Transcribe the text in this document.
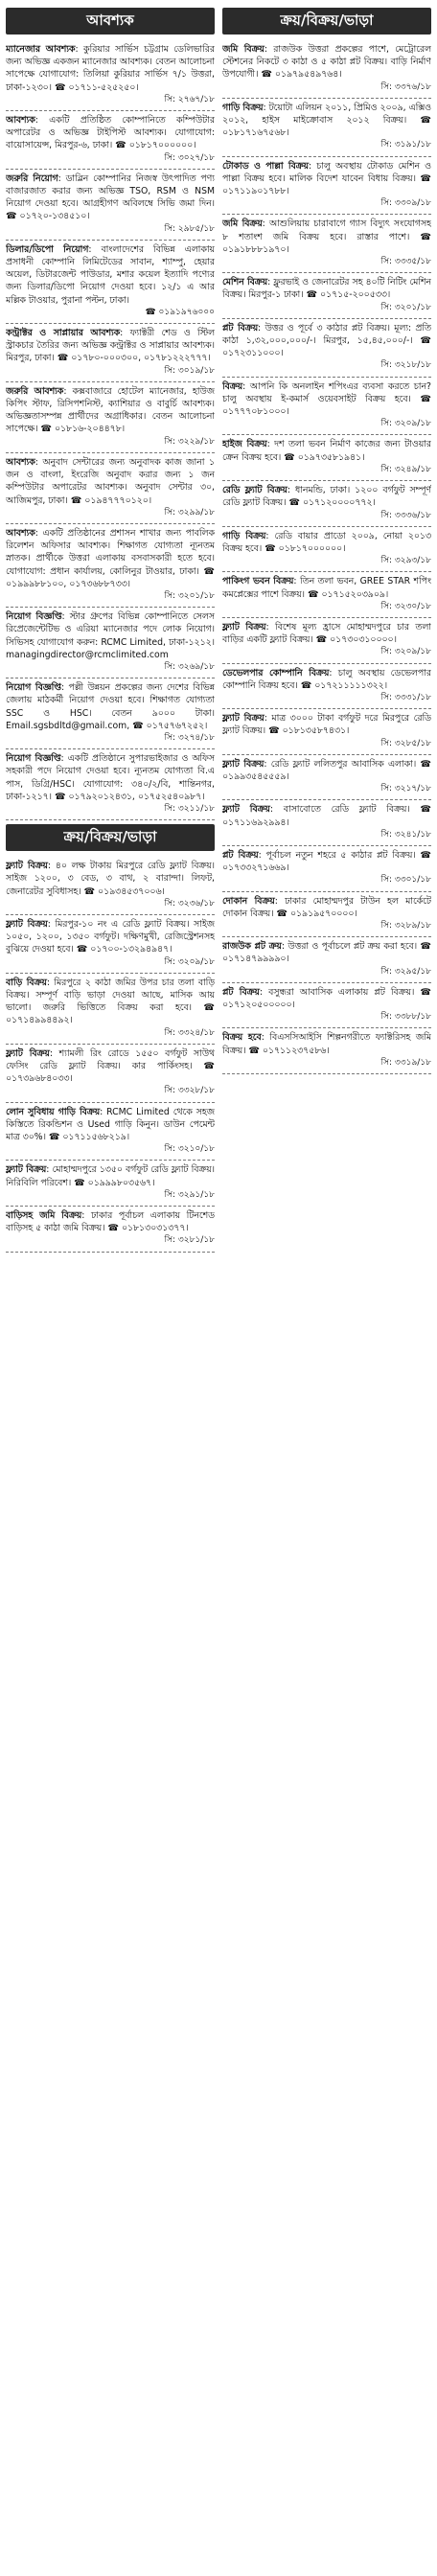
আবশ্যক
ম্যানেজার আবশ্যক: কুরিয়ার সার্ভিস চট্টগ্রাম ডেলিভারির জন্য অভিজ্ঞ একজন ম্যানেজার আবশ্যক। বেতন আলোচনা সাপেক্ষে যোগাযোগ: তিলিয়া কুরিয়ার সার্ভিস ৭/১ উত্তরা, ঢাকা-১২৩০। ☎ ০১৭১১-৫২৫২৫০।
সি: ২৭৬৭/১৮
আবশ্যক: একটি প্রতিষ্ঠিত কোম্পানিতে কম্পিউটার অপারেটর ও অভিজ্ঞ টাইপিস্ট আবশ্যক। যোগাযোগ: বায়োসায়েন্স, মিরপুর-৬, ঢাকা। ☎ ০১৮১৭০০০০০০।
সি: ৩০২৭/১৮
জরুরি নিয়োগ: ডাব্লিন কোম্পানির নিজস্ব উৎপাদিত পণ্য বাজারজাত করার জন্য অভিজ্ঞ TSO, RSM ও NSM নিয়োগ দেওয়া হবে। আগ্রহীগণ অবিলম্বে সিভি জমা দিন। ☎ ০১৭২০-১৩৪৫১০।
সি: ২৯৮৫/১৮
ডিলার/ডিপো নিয়োগ: বাংলাদেশের বিভিন্ন এলাকায় প্রসাধনী কোম্পানি লিমিটেডের সাবান, শ্যাম্পু, হেয়ার অয়েল, ডিটারজেন্ট পাউডার, মশার কয়েল ইত্যাদি পণ্যের জন্য ডিলার/ডিপো নিয়োগ দেওয়া হবে। ১২/১ এ আর মল্লিক টাওয়ার, পুরানা পল্টন, ঢাকা।
☎ ০১৯১৯৭৬০০০
কন্ট্রাক্টর ও সাপ্লায়ার আবশ্যক: ফ্যাক্টরী শেড ও স্টিল স্ট্রাকচার তৈরির জন্য অভিজ্ঞ কন্ট্রাক্টর ও সাপ্লায়ার আবশ্যক। মিরপুর, ঢাকা। ☎ ০১৭৮০-০০০৩০০, ০১৭৮১২২২৭৭৭।
সি: ৩০১৯/১৮
জরুরি আবশ্যক: কক্সবাজারে হোটেল ম্যানেজার, হাউজ কিপিং স্টাফ, রিসিপশনিস্ট, ক্যাশিয়ার ও বাবুর্চি আবশ্যক। অভিজ্ঞতাসম্পন্ন প্রার্থীদের অগ্রাধিকার। বেতন আলোচনা সাপেক্ষে। ☎ ০১৮১৬-২০৪৪৭৮।
সি: ৩২২৯/১৮
আবশ্যক: অনুবাদ সেন্টারের জন্য অনুবাদক কাজ জানা ১ জন ও বাংলা, ইংরেজি অনুবাদ করার জন্য ১ জন কম্পিউটার অপারেটর আবশ্যক। অনুবাদ সেন্টার ৩০, আজিমপুর, ঢাকা। ☎ ০১৯৪৭৭৭০১২০।
সি: ৩২৯৯/১৮
আবশ্যক: একটি প্রতিষ্ঠানের প্রশাসন শাখার জন্য পাবলিক রিলেশন অফিসার আবশ্যক। শিক্ষাগত যোগ্যতা ন্যূনতম স্নাতক। প্রার্থীকে উত্তরা এলাকায় বসবাসকারী হতে হবে। যোগাযোগ: প্রধান কার্যালয়, কোলিনুর টাওয়ার, ঢাকা। ☎ ০১৯৯৯৮৮১০০, ০১৭৩৬৮৮৭৩৩।
সি: ৩২০১/১৮
নিয়োগ বিজ্ঞপ্তি: স্টার গ্রুপের বিভিন্ন কোম্পানিতে সেলস রিপ্রেজেন্টেটিভ ও এরিয়া ম্যানেজার পদে লোক নিয়োগ। সিভিসহ যোগাযোগ করুন: RCMC Limited, ঢাকা-১২১২। managingdirector@rcmclimited.com
সি: ৩২৬৯/১৮
নিয়োগ বিজ্ঞপ্তি: পল্লী উন্নয়ন প্রকল্পের জন্য দেশের বিভিন্ন জেলায় মাঠকর্মী নিয়োগ দেওয়া হবে। শিক্ষাগত যোগ্যতা SSC ও HSC। বেতন ৯০০০ টাকা। Email.sgsbdltd@gmail.com, ☎ ০১৭৫৭৬৭২৫২।
সি: ৩২৭৪/১৮
নিয়োগ বিজ্ঞপ্তি: একটি প্রতিষ্ঠানে সুপারভাইজার ও অফিস সহকারী পদে নিয়োগ দেওয়া হবে। ন্যূনতম যোগ্যতা বি.এ পাস, ডিগ্রি/HSC। যোগাযোগ: ৩৪০/২/বি, শান্তিনগর, ঢাকা-১২১৭। ☎ ০১৭৯২০১২৪৩১, ০১৭৫২৫৪০৯৮৭।
সি: ৩২১১/১৮
ক্রয়/বিক্রয়/ভাড়া
ফ্ল্যাট বিক্রয়: ৪০ লক্ষ টাকায় মিরপুরে রেডি ফ্ল্যাট বিক্রয়। সাইজ ১২০০, ৩ বেড, ৩ বাথ, ২ বারান্দা। লিফট, জেনারেটর সুবিধাসহ। ☎ ০১৯৩৪৫৩৭০০৬।
সি: ৩২৩৬/১৮
ফ্ল্যাট বিক্রয়: মিরপুর-১০ নং এ রেডি ফ্ল্যাট বিক্রয়। সাইজ ১০৫০, ১২০০, ১৩৫০ বর্গফুট। দক্ষিণমুখী, রেজিস্ট্রেশনসহ বুঝিয়ে দেওয়া হবে। ☎ ০১৭০০-১৩২৯৪৯৪৭।
সি: ৩২০৯/১৮
বাড়ি বিক্রয়: মিরপুরে ২ কাঠা জমির উপর চার তলা বাড়ি বিক্রয়। সম্পূর্ণ বাড়ি ভাড়া দেওয়া আছে, মাসিক আয় ভালো। জরুরি ভিত্তিতে বিক্রয় করা হবে। ☎ ০১৭১৪৯৯৪৪৯২।
সি: ৩৩২৪/১৮
ফ্ল্যাট বিক্রয়: শ্যামলী রিং রোডে ১৫৫০ বর্গফুট সাউথ ফেসিং রেডি ফ্ল্যাট বিক্রয়। কার পার্কিংসহ। ☎ ০১৭৩৯৬৮৪০৩৩।
সি: ৩৩২৮/১৮
লোন সুবিধায় গাড়ি বিক্রয়: RCMC Limited থেকে সহজ কিস্তিতে রিকন্ডিশন ও Used গাড়ি কিনুন। ডাউন পেমেন্ট মাত্র ৩০%। ☎ ০১৭১১৫৬৮২১৯।
সি: ৩২১০/১৮
ফ্ল্যাট বিক্রয়: মোহাম্মদপুরে ১৩৫০ বর্গফুট রেডি ফ্ল্যাট বিক্রয়। নিরিবিলি পরিবেশ। ☎ ০১৯৯৯৮০৩৫৬৭।
সি: ৩২৯১/১৮
বাড়িসহ জমি বিক্রয়: ঢাকার পূর্বাচল এলাকায় টিনশেড বাড়িসহ ৫ কাঠা জমি বিক্রয়। ☎ ০১৮১৩০৩১৩৭৭।
সি: ৩২৮১/১৮
ক্রয়/বিক্রয়/ভাড়া
জমি বিক্রয়: রাজউক উত্তরা প্রকল্পের পাশে, মেট্রোরেল স্টেশনের নিকটে ৩ কাঠা ও ৫ কাঠা প্লট বিক্রয়। বাড়ি নির্মাণ উপযোগী। ☎ ০১৯৭৯৫৪৯৭৬৪।
সি: ৩৩৭৬/১৮
গাড়ি বিক্রয়: টয়োটা এলিয়ন ২০১১, প্রিমিও ২০০৯, এক্সিও ২০১২, হাইস মাইক্রোবাস ২০১২ বিক্রয়। ☎ ০১৮১৭১৬৭৫৬৮।
সি: ৩১৯১/১৮
টোকাড ও পাল্লা বিক্রয়: চালু অবস্থায় টোকাড মেশিন ও পাল্লা বিক্রয় হবে। মালিক বিদেশ যাবেন বিধায় বিক্রয়। ☎ ০১৭১১৯০১৭৮৮।
সি: ৩৩০৯/১৮
জমি বিক্রয়: আশুলিয়ায় চারাবাগে গ্যাস বিদ্যুৎ সংযোগসহ ৮ শতাংশ জমি বিক্রয় হবে। রাস্তার পাশে। ☎ ০১৯১৮৮৮১৯৭০।
সি: ৩৩৩৫/১৮
মেশিন বিক্রয়: ফ্লুরভাই ও জেনারেটর সহ ৪০টি নিটিং মেশিন বিক্রয়। মিরপুর-১ ঢাকা। ☎ ০১৭১৫-২০০৫৩৩।
সি: ৩২০১/১৮
প্লট বিক্রয়: উত্তর ও পূর্বে ৩ কাঠার প্লট বিক্রয়। মূল্য: প্রতি কাঠা ১,৩২,০০০,০০০/-। মিরপুর, ১৫,৪৫,০০০/-। ☎ ০১৭২৩১১০০০।
সি: ৩২১৮/১৮
বিক্রয়: আপনি কি অনলাইন শপিংএর ব্যবসা করতে চান? চালু অবস্থায় ই-কমার্স ওয়েবসাইট বিক্রয় হবে। ☎ ০১৭৭৭০৮১০০০।
সি: ৩২০৯/১৮
হাইজ বিক্রয়: দশ তলা ভবন নির্মাণ কাজের জন্য টাওয়ার ক্রেন বিক্রয় হবে। ☎ ০১৯৭৩৫৮১৯৪১।
সি: ৩২৪৯/১৮
রেডি ফ্ল্যাট বিক্রয়: ধানমন্ডি, ঢাকা। ১২০০ বর্গফুট সম্পূর্ণ রেডি ফ্ল্যাট বিক্রয়। ☎ ০১৭১২০০০০৭৭২।
সি: ৩৩৩৬/১৮
গাড়ি বিক্রয়: রেডি বায়ার প্রাডো ২০০৯, নোয়া ২০১৩ বিক্রয় হবে। ☎ ০১৮১৭০০০০০০।
সি: ৩২৯৩/১৮
পাকিংগ ভবন বিক্রয়: তিন তলা ভবন, GREE STAR শপিং কমপ্লেক্সের পাশে বিক্রয়। ☎ ০১৭১৫২০৩৯০৯।
সি: ৩২৩০/১৮
ফ্ল্যাট বিক্রয়: বিশেষ মূল্য হ্রাসে মোহাম্মদপুরে চার তলা বাড়ির একটি ফ্ল্যাট বিক্রয়। ☎ ০১৭৩০৩১০০০০।
সি: ৩২০৯/১৮
ডেভেলপার কোম্পানি বিক্রয়: চালু অবস্থায় ডেভেলপার কোম্পানি বিক্রয় হবে। ☎ ০১৭২১১১১১৩২২।
সি: ৩৩৩১/১৮
ফ্ল্যাট বিক্রয়: মাত্র ৩০০০ টাকা বর্গফুট দরে মিরপুরে রেডি ফ্ল্যাট বিক্রয়। ☎ ০১৮১৩৫৮৭৪৩১।
সি: ৩২৮৫/১৮
ফ্ল্যাট বিক্রয়: রেডি ফ্ল্যাট ললিতপুর আবাসিক এলাকা। ☎ ০১৯৯৩৫৪৫৫৫৯।
সি: ৩২১৭/১৮
ফ্ল্যাট বিক্রয়: বাসাবোতে রেডি ফ্ল্যাট বিক্রয়। ☎ ০১৭১১৬৯২৯৯৪।
সি: ৩২৪১/১৮
প্লট বিক্রয়: পূর্বাচল নতুন শহরে ৫ কাঠার প্লট বিক্রয়। ☎ ০১৭৩৩২৭১৬৬৯।
সি: ৩৩০১/১৮
দোকান বিক্রয়: ঢাকার মোহাম্মদপুর টাউন হল মার্কেটে দোকান বিক্রয়। ☎ ০১৯১৯৫৭০০০০।
সি: ৩২৮৯/১৮
রাজউক প্লট ক্রয়: উত্তরা ও পূর্বাচলে প্লট ক্রয় করা হবে। ☎ ০১৭১৪৭৯৯৯৯০।
সি: ৩২৯৫/১৮
প্লট বিক্রয়: বসুন্ধরা আবাসিক এলাকায় প্লট বিক্রয়। ☎ ০১৭১২০৫০০০০০।
সি: ৩৩৮৮/১৮
বিক্রয় হবে: বিএসসিআইসি শিল্পনগরীতে ফ্যাক্টরিসহ জমি বিক্রয়। ☎ ০১৭১১২৩৭৫৮৬।
সি: ৩৩১৯/১৮
